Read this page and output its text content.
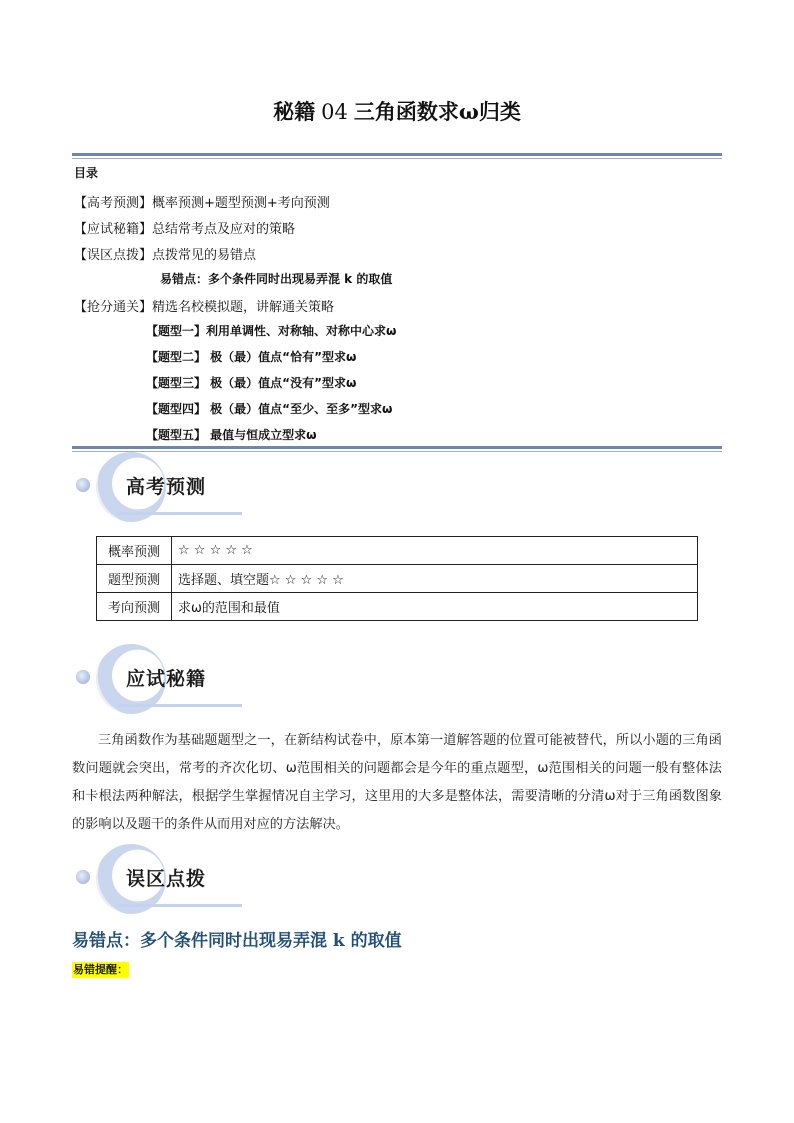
秘籍 04 三角函数求ω归类
目录
【高考预测】概率预测+题型预测+考向预测
【应试秘籍】总结常考点及应对的策略
【误区点拨】点拨常见的易错点
易错点：多个条件同时出现易弄混 k 的取值
【抢分通关】精选名校模拟题，讲解通关策略
【题型一】利用单调性、对称轴、对称中心求ω
【题型二】 极（最）值点“恰有”型求ω
【题型三】 极（最）值点“没有”型求ω
【题型四】 极（最）值点“至少、至多”型求ω
【题型五】 最值与恒成立型求ω
高考预测
概率预测	☆ ☆ ☆ ☆ ☆
题型预测	选择题、填空题☆ ☆ ☆ ☆ ☆
考向预测	求ω的范围和最值
应试秘籍
三角函数作为基础题题型之一，在新结构试卷中，原本第一道解答题的位置可能被替代，所以小题的三角函数问题就会突出，常考的齐次化切、ω范围相关的问题都会是今年的重点题型，ω范围相关的问题一般有整体法和卡根法两种解法，根据学生掌握情况自主学习，这里用的大多是整体法，需要清晰的分清ω对于三角函数图象的影响以及题干的条件从而用对应的方法解决。
误区点拨
易错点：多个条件同时出现易弄混 k 的取值
易错提醒：
